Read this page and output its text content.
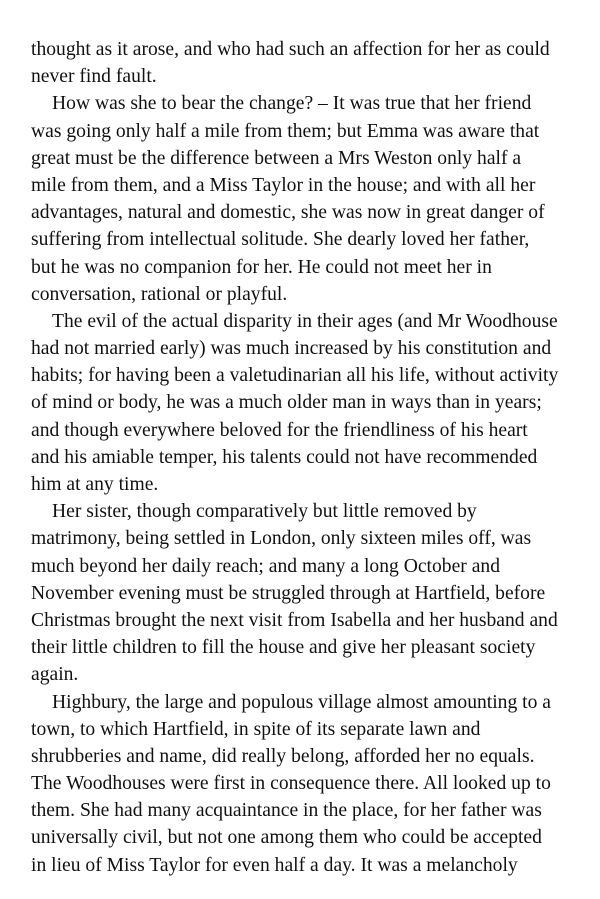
thought as it arose, and who had such an affection for her as could
never find fault.
How was she to bear the change? – It was true that her friend
was going only half a mile from them; but Emma was aware that
great must be the difference between a Mrs Weston only half a
mile from them, and a Miss Taylor in the house; and with all her
advantages, natural and domestic, she was now in great danger of
suffering from intellectual solitude. She dearly loved her father,
but he was no companion for her. He could not meet her in
conversation, rational or playful.
The evil of the actual disparity in their ages (and Mr Woodhouse
had not married early) was much increased by his constitution and
habits; for having been a valetudinarian all his life, without activity
of mind or body, he was a much older man in ways than in years;
and though everywhere beloved for the friendliness of his heart
and his amiable temper, his talents could not have recommended
him at any time.
Her sister, though comparatively but little removed by
matrimony, being settled in London, only sixteen miles off, was
much beyond her daily reach; and many a long October and
November evening must be struggled through at Hartfield, before
Christmas brought the next visit from Isabella and her husband and
their little children to fill the house and give her pleasant society
again.
Highbury, the large and populous village almost amounting to a
town, to which Hartfield, in spite of its separate lawn and
shrubberies and name, did really belong, afforded her no equals.
The Woodhouses were first in consequence there. All looked up to
them. She had many acquaintance in the place, for her father was
universally civil, but not one among them who could be accepted
in lieu of Miss Taylor for even half a day. It was a melancholy
